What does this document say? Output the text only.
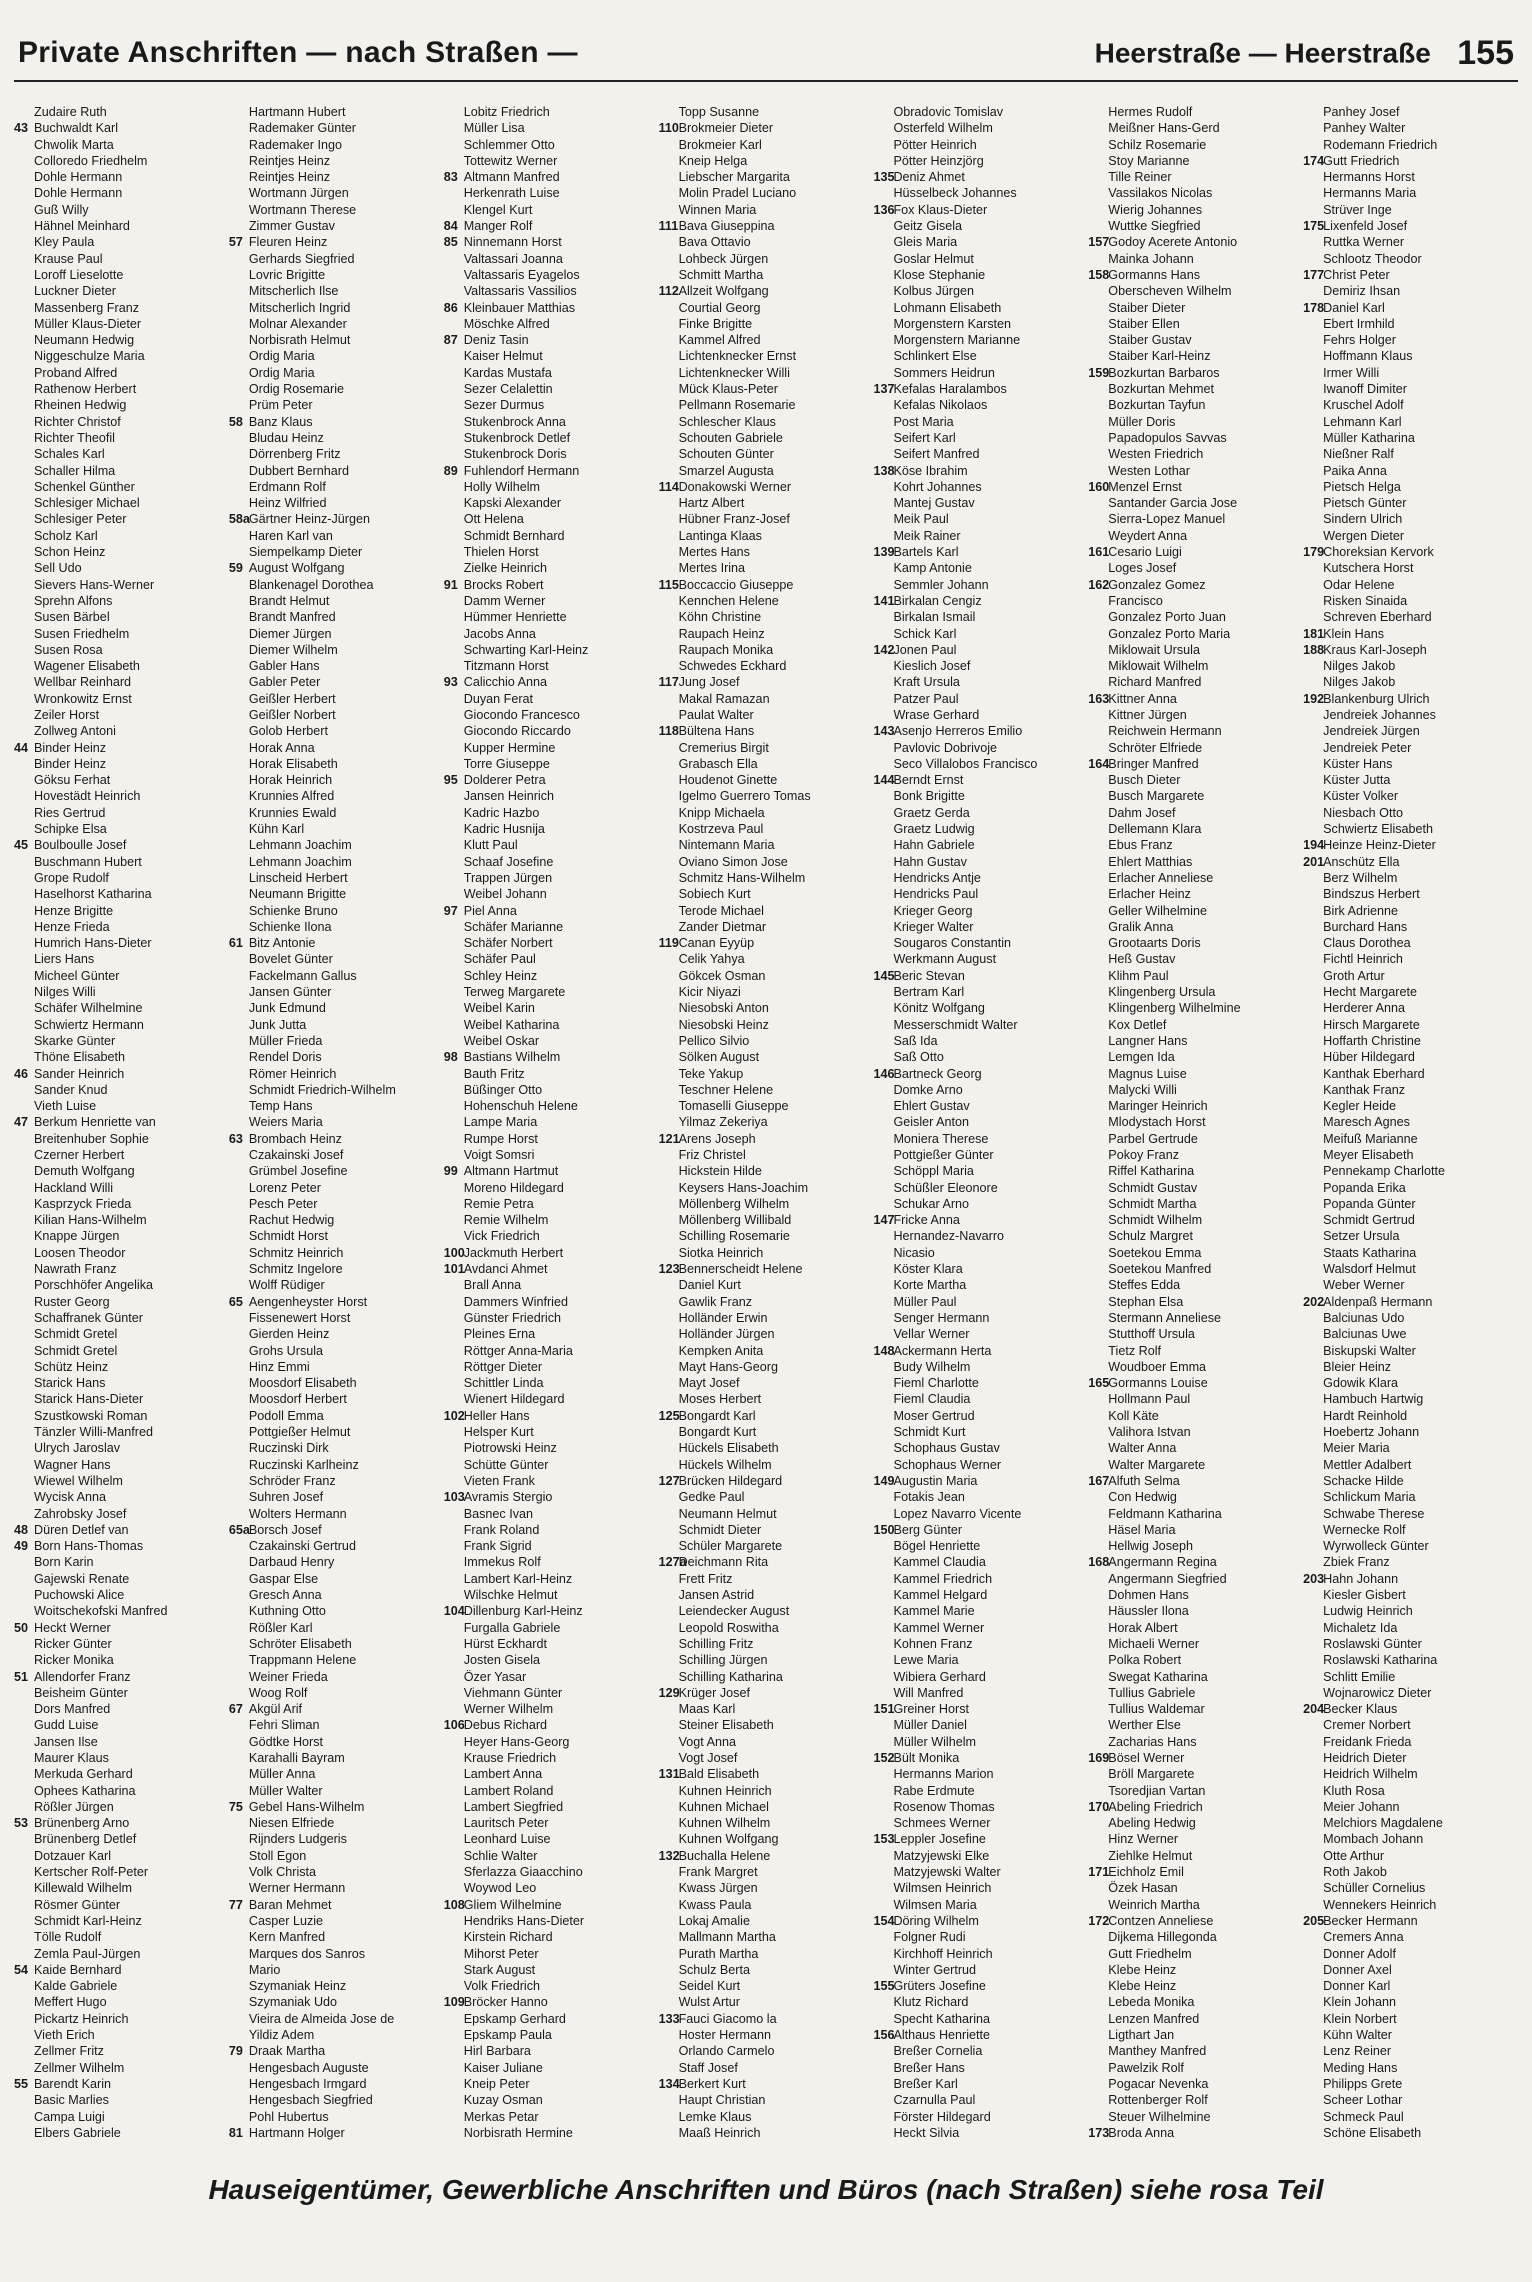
Private Anschriften — nach Straßen —	Heerstraße — Heerstraße 155
Zudaire Ruth
43 Buchwaldt Karl
Chwolik Marta
Colloredo Friedhelm
Dohle Hermann
Dohle Hermann
Guß Willy
Hähnel Meinhard
Kley Paula
Krause Paul
Loroff Lieselotte
Luckner Dieter
Massenberg Franz
Müller Klaus-Dieter
Neumann Hedwig
Niggeschulze Maria
Proband Alfred
Rathenow Herbert
Rheinen Hedwig
Richter Christof
Richter Theofil
Schales Karl
Schaller Hilma
Schenkel Günther
Schlesiger Michael
Schlesiger Peter
Scholz Karl
Schon Heinz
Sell Udo
Sievers Hans-Werner
Sprehn Alfons
Susen Bärbel
Susen Friedhelm
Susen Rosa
Wagener Elisabeth
Wellbar Reinhard
Wronkowitz Ernst
Zeiler Horst
Zollweg Antoni
44 Binder Heinz
Binder Heinz
Göksu Ferhat
Hovestädt Heinrich
Ries Gertrud
Schipke Elsa
45 Boulboulle Josef
Buschmann Hubert
Grope Rudolf
Haselhorst Katharina
Henze Brigitte
Henze Frieda
Humrich Hans-Dieter
Liers Hans
Micheel Günter
Nilges Willi
Schäfer Wilhelmine
Schwiertz Hermann
Skarke Günter
Thöne Elisabeth
46 Sander Heinrich
Sander Knud
Vieth Luise
47 Berkum Henriette van
Breitenhuber Sophie
Czerner Herbert
Demuth Wolfgang
Hackland Willi
Kasprzyck Frieda
Kilian Hans-Wilhelm
Knappe Jürgen
Loosen Theodor
Nawrath Franz
Porschhöfer Angelika
Ruster Georg
Schaffranek Günter
Schmidt Gretel
Schmidt Gretel
Schütz Heinz
Starick Hans
Starick Hans-Dieter
Szustkowski Roman
Tänzler Willi-Manfred
Ulrych Jaroslav
Wagner Hans
Wiewel Wilhelm
Wycisk Anna
Zahrobsky Josef
48 Düren Detlef van
49 Born Hans-Thomas
Born Karin
Gajewski Renate
Puchowski Alice
Woitschekofski Manfred
50 Heckt Werner
Ricker Günter
Ricker Monika
51 Allendorfer Franz
Beisheim Günter
Dors Manfred
Gudd Luise
Jansen Ilse
Maurer Klaus
Merkuda Gerhard
Ophees Katharina
Rößler Jürgen
53 Brünenberg Arno
Brünenberg Detlef
Dotzauer Karl
Kertscher Rolf-Peter
Killewald Wilhelm
Rösmer Günter
Schmidt Karl-Heinz
Tölle Rudolf
Zemla Paul-Jürgen
54 Kaide Bernhard
Kalde Gabriele
Meffert Hugo
Pickartz Heinrich
Vieth Erich
Zellmer Fritz
Zellmer Wilhelm
55 Barendt Karin
Basic Marlies
Campa Luigi
Elbers Gabriele
Hartmann Hubert
Rademaker Günter
Rademaker Ingo
Reintjes Heinz
Reintjes Heinz
Wortmann Jürgen
Wortmann Therese
Zimmer Gustav
57 Fleuren Heinz
Gerhards Siegfried
Lovric Brigitte
Mitscherlich Ilse
Mitscherlich Ingrid
Molnar Alexander
Norbisrath Helmut
Ordig Maria
Ordig Maria
Ordig Rosemarie
Prüm Peter
58 Banz Klaus
Bludau Heinz
Dörrenberg Fritz
Dubbert Bernhard
Erdmann Rolf
Heinz Wilfried
58a
Gärtner Heinz-Jürgen
Haren Karl van
Siempelkamp Dieter
59 August Wolfgang
Blankenagel Dorothea
Brandt Helmut
Brandt Manfred
Diemer Jürgen
Diemer Wilhelm
Gabler Hans
Gabler Peter
Geißler Herbert
Geißler Norbert
Golob Herbert
Horak Anna
Horak Elisabeth
Horak Heinrich
Krunnies Alfred
Krunnies Ewald
Kühn Karl
Lehmann Joachim
Lehmann Joachim
Linscheid Herbert
Neumann Brigitte
Schienke Bruno
Schienke Ilona
61 Bitz Antonie
Bovelet Günter
Fackelmann Gallus
Jansen Günter
Junk Edmund
Junk Jutta
Müller Frieda
Rendel Doris
Römer Heinrich
Schmidt Friedrich-Wilhelm
Temp Hans
Weiers Maria
63 Brombach Heinz
Czakainski Josef
Grümbel Josefine
Lorenz Peter
Pesch Peter
Rachut Hedwig
Schmidt Horst
Schmitz Heinrich
Schmitz Ingelore
Wolff Rüdiger
65 Aengenheyster Horst
Fissenewert Horst
Gierden Heinz
Grohs Ursula
Hinz Emmi
Moosdorf Elisabeth
Moosdorf Herbert
Podoll Emma
Pottgießer Helmut
Ruczinski Dirk
Ruczinski Karlheinz
Schröder Franz
Suhren Josef
Wolters Hermann
65a
Borsch Josef
Czakainski Gertrud
Darbaud Henry
Gaspar Else
Gresch Anna
Kuthning Otto
Rößler Karl
Schröter Elisabeth
Trappmann Helene
Weiner Frieda
Woog Rolf
67 Akgül Arif
Fehri Sliman
Gödtke Horst
Karahalli Bayram
Müller Anna
Müller Walter
75 Gebel Hans-Wilhelm
Niesen Elfriede
Rijnders Ludgeris
Stoll Egon
Volk Christa
Werner Hermann
77 Baran Mehmet
Casper Luzie
Kern Manfred
Marques dos Sanros
Mario
Szymaniak Heinz
Szymaniak Udo
Vieira de Almeida Jose de
Yildiz Adem
79 Draak Martha
Hengesbach Auguste
Hengesbach Irmgard
Hengesbach Siegfried
Pohl Hubertus
81 Hartmann Holger
Lobitz Friedrich
Müller Lisa
Schlemmer Otto
Tottewitz Werner
83 Altmann Manfred
Herkenrath Luise
Klengel Kurt
84 Manger Rolf
85 Ninnemann Horst
Valtassari Joanna
Valtassaris Eyagelos
Valtassaris Vassilios
86 Kleinbauer Matthias
Möschke Alfred
87 Deniz Tasin
Kaiser Helmut
Kardas Mustafa
Sezer Celalettin
Sezer Durmus
Stukenbrock Anna
Stukenbrock Detlef
Stukenbrock Doris
89 Fuhlendorf Hermann
Holly Wilhelm
Kapski Alexander
Ott Helena
Schmidt Bernhard
Thielen Horst
Zielke Heinrich
91 Brocks Robert
Damm Werner
Hümmer Henriette
Jacobs Anna
Schwarting Karl-Heinz
Titzmann Horst
93 Calicchio Anna
Duyan Ferat
Giocondo Francesco
Giocondo Riccardo
Kupper Hermine
Torre Giuseppe
95 Dolderer Petra
Jansen Heinrich
Kadric Hazbo
Kadric Husnija
Klutt Paul
Schaaf Josefine
Trappen Jürgen
Weibel Johann
97 Piel Anna
Schäfer Marianne
Schäfer Norbert
Schäfer Paul
Schley Heinz
Terweg Margarete
Weibel Karin
Weibel Katharina
Weibel Oskar
98 Bastians Wilhelm
Bauth Fritz
Büßinger Otto
Hohenschuh Helene
Lampe Maria
Rumpe Horst
Voigt Somsri
99 Altmann Hartmut
Moreno Hildegard
Remie Petra
Remie Wilhelm
Vick Friedrich
100
Jackmuth Herbert
101
Avdanci Ahmet
Brall Anna
Dammers Winfried
Günster Friedrich
Pleines Erna
Röttger Anna-Maria
Röttger Dieter
Schittler Linda
Wienert Hildegard
102
Heller Hans
Helsper Kurt
Piotrowski Heinz
Schütte Günter
Vieten Frank
103
Avramis Stergio
Basnec Ivan
Frank Roland
Frank Sigrid
Immekus Rolf
Lambert Karl-Heinz
Wilschke Helmut
104
Dillenburg Karl-Heinz
Furgalla Gabriele
Hürst Eckhardt
Josten Gisela
Özer Yasar
Viehmann Günter
Werner Wilhelm
106
Debus Richard
Heyer Hans-Georg
Krause Friedrich
Lambert Anna
Lambert Roland
Lambert Siegfried
Lauritsch Peter
Leonhard Luise
Schlie Walter
Sferlazza Giaacchino
Woywod Leo
108
Gliem Wilhelmine
Hendriks Hans-Dieter
Kirstein Richard
Mihorst Peter
Stark August
Volk Friedrich
109
Bröcker Hanno
Epskamp Gerhard
Epskamp Paula
Hirl Barbara
Kaiser Juliane
Kneip Peter
Kuzay Osman
Merkas Petar
Norbisrath Hermine
Topp Susanne
110 Brokmeier Dieter
Brokmeier Karl
Kneip Helga
Liebscher Margarita
Molin Pradel Luciano
Winnen Maria
111 Bava Giuseppina
Bava Ottavio
Lohbeck Jürgen
Schmitt Martha
112 Allzeit Wolfgang
Courtial Georg
Finke Brigitte
Kammel Alfred
Lichtenknecker Ernst
Lichtenknecker Willi
Mück Klaus-Peter
Pellmann Rosemarie
Schlescher Klaus
Schouten Gabriele
Schouten Günter
Smarzel Augusta
114 Donakowski Werner
Hartz Albert
Hübner Franz-Josef
Lantinga Klaas
Mertes Hans
Mertes Irina
115 Boccaccio Giuseppe
Kennchen Helene
Köhn Christine
Raupach Heinz
Raupach Monika
Schwedes Eckhard
117 Jung Josef
Makal Ramazan
Paulat Walter
118 Bültena Hans
Cremerius Birgit
Grabasch Ella
Houdenot Ginette
Igelmo Guerrero Tomas
Knipp Michaela
Kostrzeva Paul
Nintemann Maria
Oviano Simon Jose
Schmitz Hans-Wilhelm
Sobiech Kurt
Terode Michael
Zander Dietmar
119 Canan Eyyüp
Celik Yahya
Gökcek Osman
Kicir Niyazi
Niesobski Anton
Niesobski Heinz
Pellico Silvio
Sölken August
Teke Yakup
Teschner Helene
Tomaselli Giuseppe
Yilmaz Zekeriya
121
Arens Joseph
Friz Christel
Hickstein Hilde
Keysers Hans-Joachim
Möllenberg Wilhelm
Möllenberg Willibald
Schilling Rosemarie
Siotka Heinrich
123
Bennerscheidt Helene
Daniel Kurt
Gawlik Franz
Holländer Erwin
Holländer Jürgen
Kempken Anita
Mayt Hans-Georg
Mayt Josef
Moses Herbert
125
Bongardt Karl
Bongardt Kurt
Hückels Elisabeth
Hückels Wilhelm
127
Brücken Hildegard
Gedke Paul
Neumann Helmut
Schmidt Dieter
Schüler Margarete
127a
Deichmann Rita
Frett Fritz
Jansen Astrid
Leiendecker August
Leopold Roswitha
Schilling Fritz
Schilling Jürgen
Schilling Katharina
129
Krüger Josef
Maas Karl
Steiner Elisabeth
Vogt Anna
Vogt Josef
131
Bald Elisabeth
Kuhnen Heinrich
Kuhnen Michael
Kuhnen Wilhelm
Kuhnen Wolfgang
132
Buchalla Helene
Frank Margret
Kwass Jürgen
Kwass Paula
Lokaj Amalie
Mallmann Martha
Purath Martha
Schulz Berta
Seidel Kurt
Wulst Artur
133
Fauci Giacomo la
Hoster Hermann
Orlando Carmelo
Staff Josef
134
Berkert Kurt
Haupt Christian
Lemke Klaus
Maaß Heinrich
Obradovic Tomislav
Osterfeld Wilhelm
Pötter Heinrich
Pötter Heinzjörg
135
Deniz Ahmet
Hüsselbeck Johannes
136
Fox Klaus-Dieter
Geitz Gisela
Gleis Maria
Goslar Helmut
Klose Stephanie
Kolbus Jürgen
Lohmann Elisabeth
Morgenstern Karsten
Morgenstern Marianne
Schlinkert Else
Sommers Heidrun
137
Kefalas Haralambos
Kefalas Nikolaos
Post Maria
Seifert Karl
Seifert Manfred
138
Köse Ibrahim
Kohrt Johannes
Mantej Gustav
Meik Paul
Meik Rainer
139
Bartels Karl
Kamp Antonie
Semmler Johann
141
Birkalan Cengiz
Birkalan Ismail
Schick Karl
142
Jonen Paul
Kieslich Josef
Kraft Ursula
Patzer Paul
Wrase Gerhard
143
Asenjo Herreros Emilio
Pavlovic Dobrivoje
Seco Villalobos Francisco
144
Berndt Ernst
Bonk Brigitte
Graetz Gerda
Graetz Ludwig
Hahn Gabriele
Hahn Gustav
Hendricks Antje
Hendricks Paul
Krieger Georg
Krieger Walter
Sougaros Constantin
Werkmann August
145
Beric Stevan
Bertram Karl
Könitz Wolfgang
Messerschmidt Walter
Saß Ida
Saß Otto
146
Bartneck Georg
Domke Arno
Ehlert Gustav
Geisler Anton
Moniera Therese
Pottgießer Günter
Schöppl Maria
Schüßler Eleonore
Schukar Arno
147
Fricke Anna
Hernandez-Navarro
Nicasio
Köster Klara
Korte Martha
Müller Paul
Senger Hermann
Vellar Werner
148
Ackermann Herta
Budy Wilhelm
Fieml Charlotte
Fieml Claudia
Moser Gertrud
Schmidt Kurt
Schophaus Gustav
Schophaus Werner
149
Augustin Maria
Fotakis Jean
Lopez Navarro Vicente
150
Berg Günter
Bögel Henriette
Kammel Claudia
Kammel Friedrich
Kammel Helgard
Kammel Marie
Kammel Werner
Kohnen Franz
Lewe Maria
Wibiera Gerhard
Will Manfred
151
Greiner Horst
Müller Daniel
Müller Wilhelm
152
Bült Monika
Hermanns Marion
Rabe Erdmute
Rosenow Thomas
Schmees Werner
153
Leppler Josefine
Matzyjewski Elke
Matzyjewski Walter
Wilmsen Heinrich
Wilmsen Maria
154
Döring Wilhelm
Folgner Rudi
Kirchhoff Heinrich
Winter Gertrud
155
Grüters Josefine
Klutz Richard
Specht Katharina
156
Althaus Henriette
Breßer Cornelia
Breßer Hans
Breßer Karl
Czarnulla Paul
Förster Hildegard
Heckt Silvia
Hermes Rudolf
Meißner Hans-Gerd
Schilz Rosemarie
Stoy Marianne
Tille Reiner
Vassilakos Nicolas
Wierig Johannes
Wuttke Siegfried
157
Godoy Acerete Antonio
Mainka Johann
158
Gormanns Hans
Oberscheven Wilhelm
Staiber Dieter
Staiber Ellen
Staiber Gustav
Staiber Karl-Heinz
159
Bozkurtan Barbaros
Bozkurtan Mehmet
Bozkurtan Tayfun
Müller Doris
Papadopulos Savvas
Westen Friedrich
Westen Lothar
160
Menzel Ernst
Santander Garcia Jose
Sierra-Lopez Manuel
Weydert Anna
161
Cesario Luigi
Loges Josef
162
Gonzalez Gomez
Francisco
Gonzalez Porto Juan
Gonzalez Porto Maria
Miklowait Ursula
Miklowait Wilhelm
Richard Manfred
163
Kittner Anna
Kittner Jürgen
Reichwein Hermann
Schröter Elfriede
164
Bringer Manfred
Busch Dieter
Busch Margarete
Dahm Josef
Dellemann Klara
Ebus Franz
Ehlert Matthias
Erlacher Anneliese
Erlacher Heinz
Geller Wilhelmine
Gralik Anna
Grootaarts Doris
Heß Gustav
Klihm Paul
Klingenberg Ursula
Klingenberg Wilhelmine
Kox Detlef
Langner Hans
Lemgen Ida
Magnus Luise
Malycki Willi
Maringer Heinrich
Mlodystach Horst
Parbel Gertrude
Pokoy Franz
Riffel Katharina
Schmidt Gustav
Schmidt Martha
Schmidt Wilhelm
Schulz Margret
Soetekou Emma
Soetekou Manfred
Steffes Edda
Stephan Elsa
Stermann Anneliese
Stutthoff Ursula
Tietz Rolf
Woudboer Emma
165
Gormanns Louise
Hollmann Paul
Koll Käte
Valihora Istvan
Walter Anna
Walter Margarete
167
Alfuth Selma
Con Hedwig
Feldmann Katharina
Häsel Maria
Hellwig Joseph
168
Angermann Regina
Angermann Siegfried
Dohmen Hans
Häussler Ilona
Horak Albert
Michaeli Werner
Polka Robert
Swegat Katharina
Tullius Gabriele
Tullius Waldemar
Werther Else
Zacharias Hans
169
Bösel Werner
Bröll Margarete
Tsoredjian Vartan
170
Abeling Friedrich
Abeling Hedwig
Hinz Werner
Ziehlke Helmut
171
Eichholz Emil
Özek Hasan
Weinrich Martha
172
Contzen Anneliese
Dijkema Hillegonda
Gutt Friedhelm
Klebe Heinz
Klebe Heinz
Lebeda Monika
Lenzen Manfred
Ligthart Jan
Manthey Manfred
Pawelzik Rolf
Pogacar Nevenka
Rottenberger Rolf
Steuer Wilhelmine
173
Broda Anna
Panhey Josef
Panhey Walter
Rodemann Friedrich
174
Gutt Friedrich
Hermanns Horst
Hermanns Maria
Strüver Inge
175
Lixenfeld Josef
Ruttka Werner
Schlootz Theodor
177
Christ Peter
Demiriz Ihsan
178
Daniel Karl
Ebert Irmhild
Fehrs Holger
Hoffmann Klaus
Irmer Willi
Iwanoff Dimiter
Kruschel Adolf
Lehmann Karl
Müller Katharina
Nießner Ralf
Paika Anna
Pietsch Helga
Pietsch Günter
Sindern Ulrich
Wergen Dieter
179
Choreksian Kervork
Kutschera Horst
Odar Helene
Risken Sinaida
Schreven Eberhard
181
Klein Hans
188
Kraus Karl-Joseph
Nilges Jakob
Nilges Jakob
192
Blankenburg Ulrich
Jendreiek Johannes
Jendreiek Jürgen
Jendreiek Peter
Küster Hans
Küster Jutta
Küster Volker
Niesbach Otto
Schwiertz Elisabeth
194
Heinze Heinz-Dieter
201
Anschütz Ella
Berz Wilhelm
Bindszus Herbert
Birk Adrienne
Burchard Hans
Claus Dorothea
Fichtl Heinrich
Groth Artur
Hecht Margarete
Herderer Anna
Hirsch Margarete
Hoffarth Christine
Hüber Hildegard
Kanthak Eberhard
Kanthak Franz
Kegler Heide
Maresch Agnes
Meifuß Marianne
Meyer Elisabeth
Pennekamp Charlotte
Popanda Erika
Popanda Günter
Schmidt Gertrud
Setzer Ursula
Staats Katharina
Walsdorf Helmut
Weber Werner
202
Aldenpaß Hermann
Balciunas Udo
Balciunas Uwe
Biskupski Walter
Bleier Heinz
Gdowik Klara
Hambuch Hartwig
Hardt Reinhold
Hoebertz Johann
Meier Maria
Mettler Adalbert
Schacke Hilde
Schlickum Maria
Schwabe Therese
Wernecke Rolf
Wyrwolleck Günter
Zbiek Franz
203
Hahn Johann
Kiesler Gisbert
Ludwig Heinrich
Michaletz Ida
Roslawski Günter
Roslawski Katharina
Schlitt Emilie
Wojnarowicz Dieter
204
Becker Klaus
Cremer Norbert
Freidank Frieda
Heidrich Dieter
Heidrich Wilhelm
Kluth Rosa
Meier Johann
Melchiors Magdalene
Mombach Johann
Otte Arthur
Roth Jakob
Schüller Cornelius
Wennekers Heinrich
205
Becker Hermann
Cremers Anna
Donner Adolf
Donner Axel
Donner Karl
Klein Johann
Klein Norbert
Kühn Walter
Lenz Reiner
Meding Hans
Philipps Grete
Scheer Lothar
Schmeck Paul
Schöne Elisabeth
Hauseigentümer, Gewerbliche Anschriften und Büros (nach Straßen) siehe rosa Teil
